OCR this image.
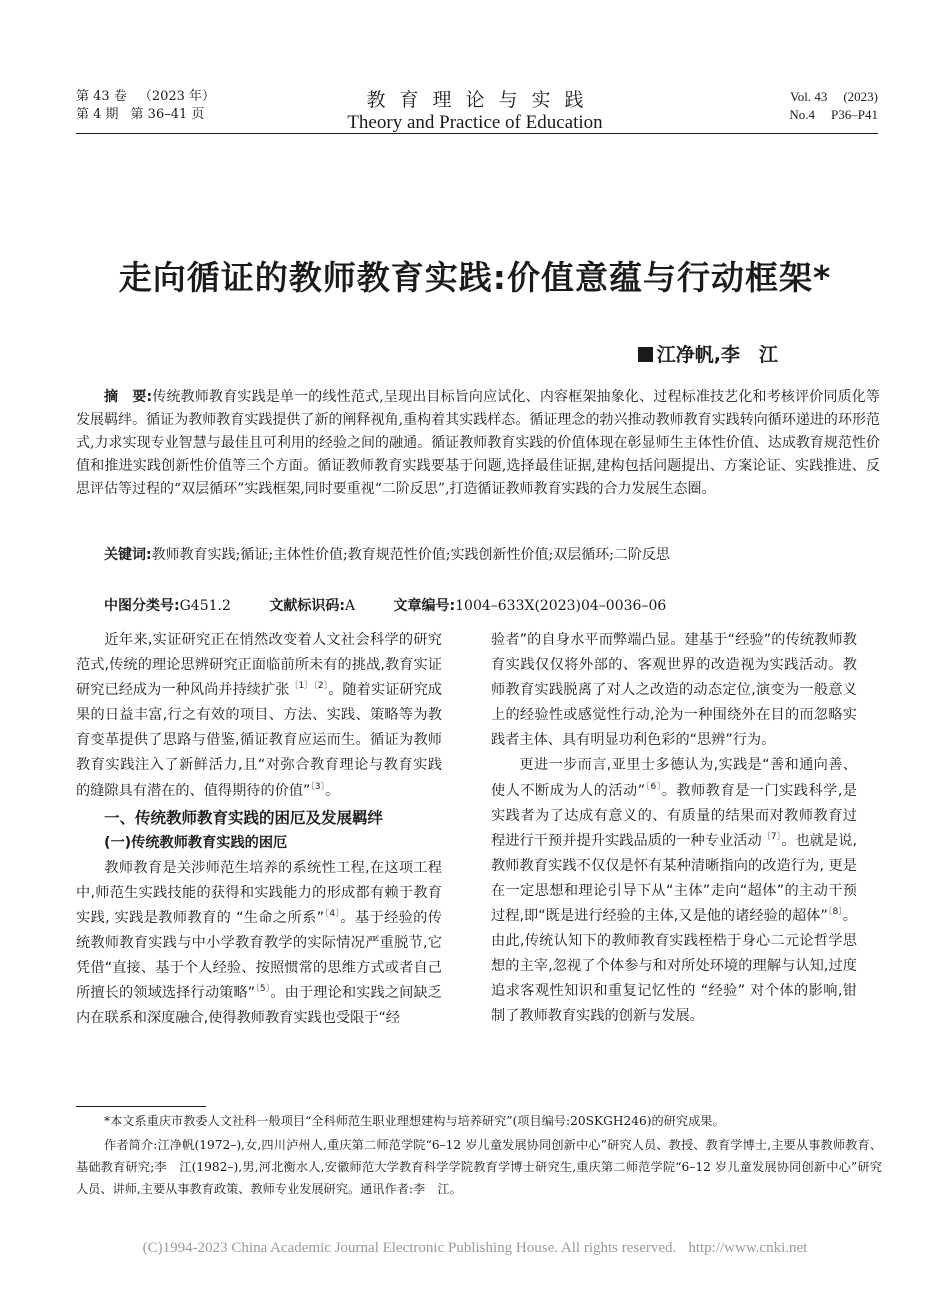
第 43 卷 （2023 年）
第 4 期 第 36–41 页
教育理论与实践
Theory and Practice of Education
Vol. 43 (2023)
No.4 P36–P41
走向循证的教师教育实践:价值意蕴与行动框架*
江净帆,李　江
摘　要:传统教师教育实践是单一的线性范式,呈现出目标旨向应试化、内容框架抽象化、过程标准技艺化和考核评价同质化等发展羁绊。循证为教师教育实践提供了新的阐释视角,重构着其实践样态。循证理念的勃兴推动教师教育实践转向循环递进的环形范式,力求实现专业智慧与最佳且可利用的经验之间的融通。循证教师教育实践的价值体现在彰显师生主体性价值、达成教育规范性价值和推进实践创新性价值等三个方面。循证教师教育实践要基于问题,选择最佳证据,建构包括问题提出、方案论证、实践推进、反思评估等过程的“双层循环”实践框架,同时要重视“二阶反思”,打造循证教师教育实践的合力发展生态圈。
关键词:教师教育实践;循证;主体性价值;教育规范性价值;实践创新性价值;双层循环;二阶反思
中图分类号:G451.2	文献标识码:A	文章编号:1004–633X(2023)04–0036–06

近年来,实证研究正在悄然改变着人文社会科学的研究范式,传统的理论思辨研究正面临前所未有的挑战,教育实证研究已经成为一种风尚并持续扩张$^{〔1〕〔2〕}$。随着实证研究成果的日益丰富,行之有效的项目、方法、实践、策略等为教育变革提供了思路与借鉴,循证教育应运而生。循证为教师教育实践注入了新鲜活力,且“对弥合教育理论与教育实践的缝隙具有潜在的、值得期待的价值”$^{〔3〕}$。

一、传统教师教育实践的困厄及发展羁绊
(一)传统教师教育实践的困厄

教师教育是关涉师范生培养的系统性工程,在这项工程中,师范生实践技能的获得和实践能力的形成都有赖于教育实践, 实践是教师教育的 “生命之所系”$^{〔4〕}$。基于经验的传统教师教育实践与中小学教育教学的实际情况严重脱节,它凭借“直接、基于个人经验、按照惯常的思维方式或者自己所擅长的领域选择行动策略”$^{〔5〕}$。由于理论和实践之间缺乏内在联系和深度融合,使得教师教育实践也受限于“经

验者”的自身水平而弊端凸显。建基于“经验”的传统教师教育实践仅仅将外部的、客观世界的改造视为实践活动。教师教育实践脱离了对人之改造的动态定位,演变为一般意义上的经验性或感觉性行动,沦为一种围绕外在目的而忽略实践者主体、具有明显功利色彩的“思辨”行为。

更进一步而言,亚里士多德认为,实践是“善和通向善、使人不断成为人的活动”$^{〔6〕}$。教师教育是一门实践科学,是实践者为了达成有意义的、有质量的结果而对教师教育过程进行干预并提升实践品质的一种专业活动$^{〔7〕}$。也就是说,教师教育实践不仅仅是怀有某种清晰指向的改造行为, 更是在一定思想和理论引导下从“主体”走向“超体”的主动干预过程,即“既是进行经验的主体,又是他的诸经验的超体”$^{〔8〕}$。由此,传统认知下的教师教育实践桎梏于身心二元论哲学思想的主宰,忽视了个体参与和对所处环境的理解与认知,过度追求客观性知识和重复记忆性的 “经验” 对个体的影响,钳制了教师教育实践的创新与发展。

*本文系重庆市教委人文社科一般项目“全科师范生职业理想建构与培养研究”(项目编号:20SKGH246)的研究成果。

作者简介:江净帆(1972–),女,四川泸州人,重庆第二师范学院“6–12 岁儿童发展协同创新中心”研究人员、教授、教育学博士,主要从事教师教育、基础教育研究;李　江(1982–),男,河北衡水人,安徽师范大学教育科学学院教育学博士研究生,重庆第二师范学院“6–12 岁儿童发展协同创新中心”研究人员、讲师,主要从事教育政策、教师专业发展研究。通讯作者:李　江。

(C)1994-2023 China Academic Journal Electronic Publishing House. All rights reserved. http://www.cnki.net
